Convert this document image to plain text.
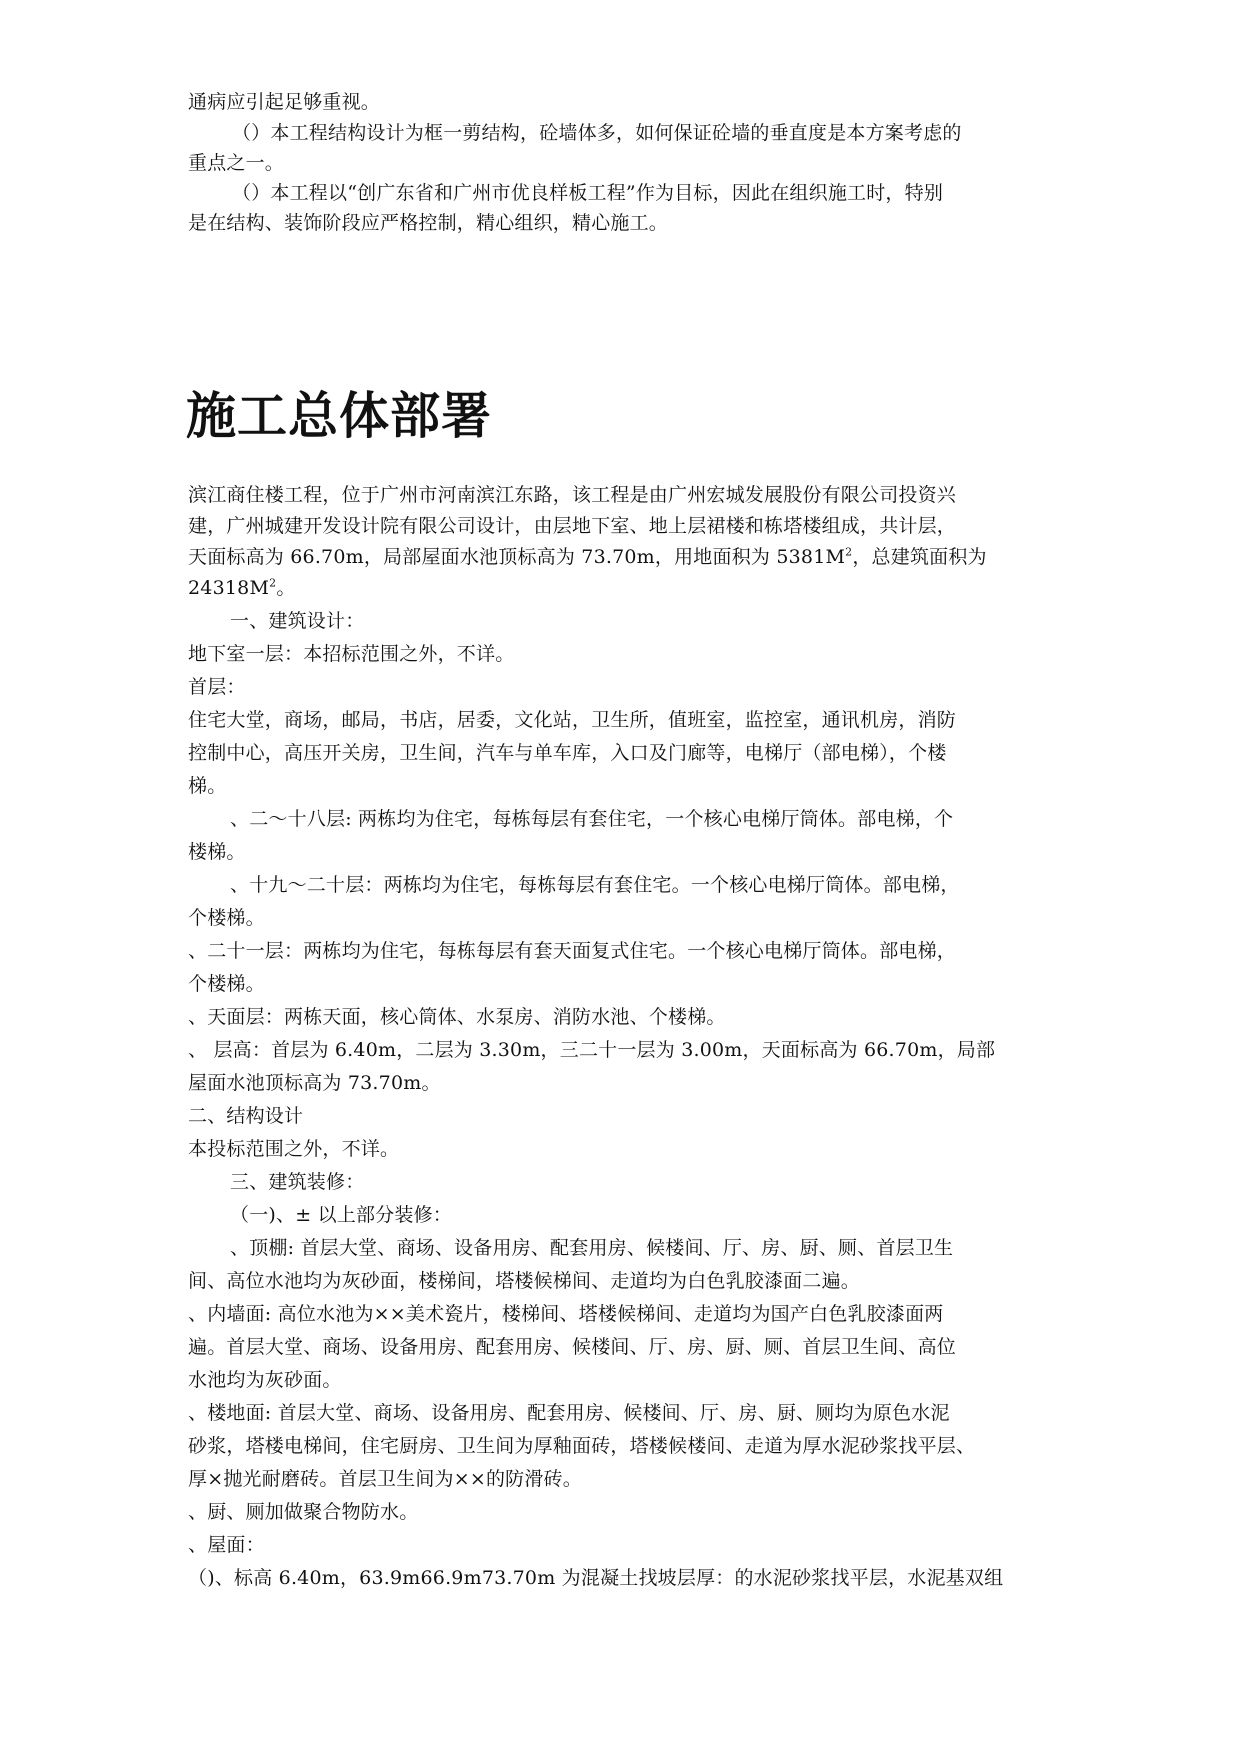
通病应引起足够重视。
（）本工程结构设计为框一剪结构，砼墙体多，如何保证砼墙的垂直度是本方案考虑的
重点之一。
（）本工程以“创广东省和广州市优良样板工程”作为目标，因此在组织施工时，特别
是在结构、装饰阶段应严格控制，精心组织，精心施工。
施工总体部署
滨江商住楼工程，位于广州市河南滨江东路，该工程是由广州宏城发展股份有限公司投资兴
建，广州城建开发设计院有限公司设计，由层地下室、地上层裙楼和栋塔楼组成，共计层，
天面标高为 66.70m，局部屋面水池顶标高为 73.70m，用地面积为 $5381M^2$，总建筑面积为
$24318M^2$。
一、建筑设计：
地下室一层：本招标范围之外，不详。
首层：
住宅大堂，商场，邮局，书店，居委，文化站，卫生所，值班室，监控室，通讯机房，消防
控制中心，高压开关房，卫生间，汽车与单车库，入口及门廊等，电梯厅（部电梯），个楼
梯。
、二～十八层: 两栋均为住宅，每栋每层有套住宅，一个核心电梯厅筒体。部电梯，个
楼梯。
、十九～二十层：两栋均为住宅，每栋每层有套住宅。一个核心电梯厅筒体。部电梯，
个楼梯。
、二十一层：两栋均为住宅，每栋每层有套天面复式住宅。一个核心电梯厅筒体。部电梯，
个楼梯。
、天面层：两栋天面，核心筒体、水泵房、消防水池、个楼梯。
、 层高：首层为 6.40m，二层为 3.30m，三二十一层为 3.00m，天面标高为 66.70m，局部
屋面水池顶标高为 73.70m。
二、结构设计
本投标范围之外，不详。
三、建筑装修：
（一)、± 以上部分装修：
、顶棚: 首层大堂、商场、设备用房、配套用房、候楼间、厅、房、厨、厕、首层卫生
间、高位水池均为灰砂面，楼梯间，塔楼候梯间、走道均为白色乳胶漆面二遍。
、内墙面: 高位水池为××美术瓷片，楼梯间、塔楼候梯间、走道均为国产白色乳胶漆面两
遍。首层大堂、商场、设备用房、配套用房、候楼间、厅、房、厨、厕、首层卫生间、高位
水池均为灰砂面。
、楼地面: 首层大堂、商场、设备用房、配套用房、候楼间、厅、房、厨、厕均为原色水泥
砂浆，塔楼电梯间，住宅厨房、卫生间为厚釉面砖，塔楼候楼间、走道为厚水泥砂浆找平层、
厚×抛光耐磨砖。首层卫生间为××的防滑砖。
、厨、厕加做聚合物防水。
、屋面：
（)、标高 6.40m，63.9m66.9m73.70m 为混凝土找坡层厚：的水泥砂浆找平层，水泥基双组
